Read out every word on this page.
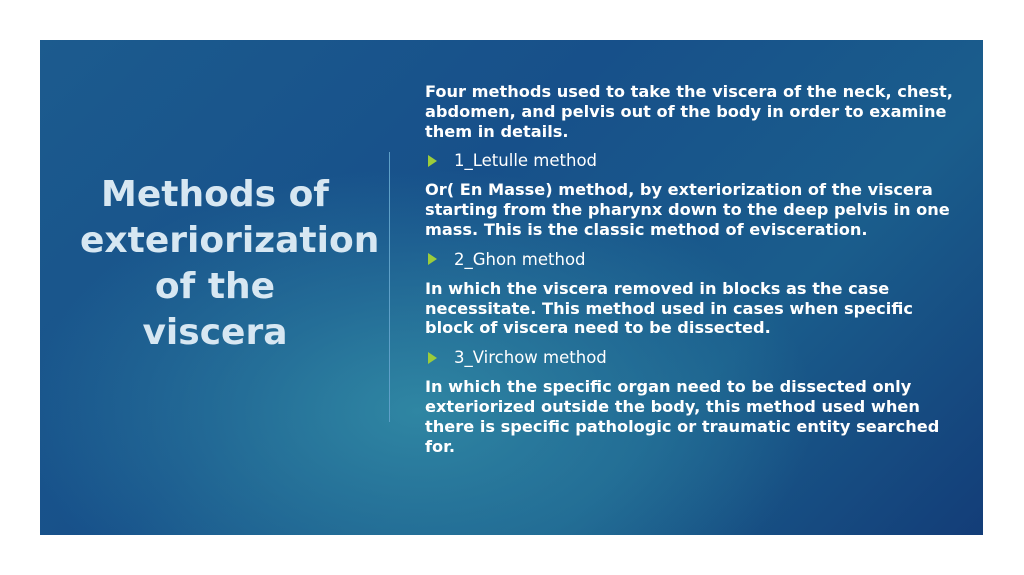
Methods of exteriorization of the viscera
Four methods used to take the viscera of the neck, chest, abdomen, and pelvis out of the body in order to examine them in details.
1_Letulle method
Or( En Masse) method, by exteriorization of the viscera starting from the pharynx down to the deep pelvis in one mass. This is the classic method of evisceration.
2_Ghon method
In which the viscera removed in blocks as the case necessitate. This method used in cases when specific block of viscera need to be dissected.
3_Virchow method
In which the specific organ need to be dissected only exteriorized outside the body, this method used when there is specific pathologic or traumatic entity searched for.
